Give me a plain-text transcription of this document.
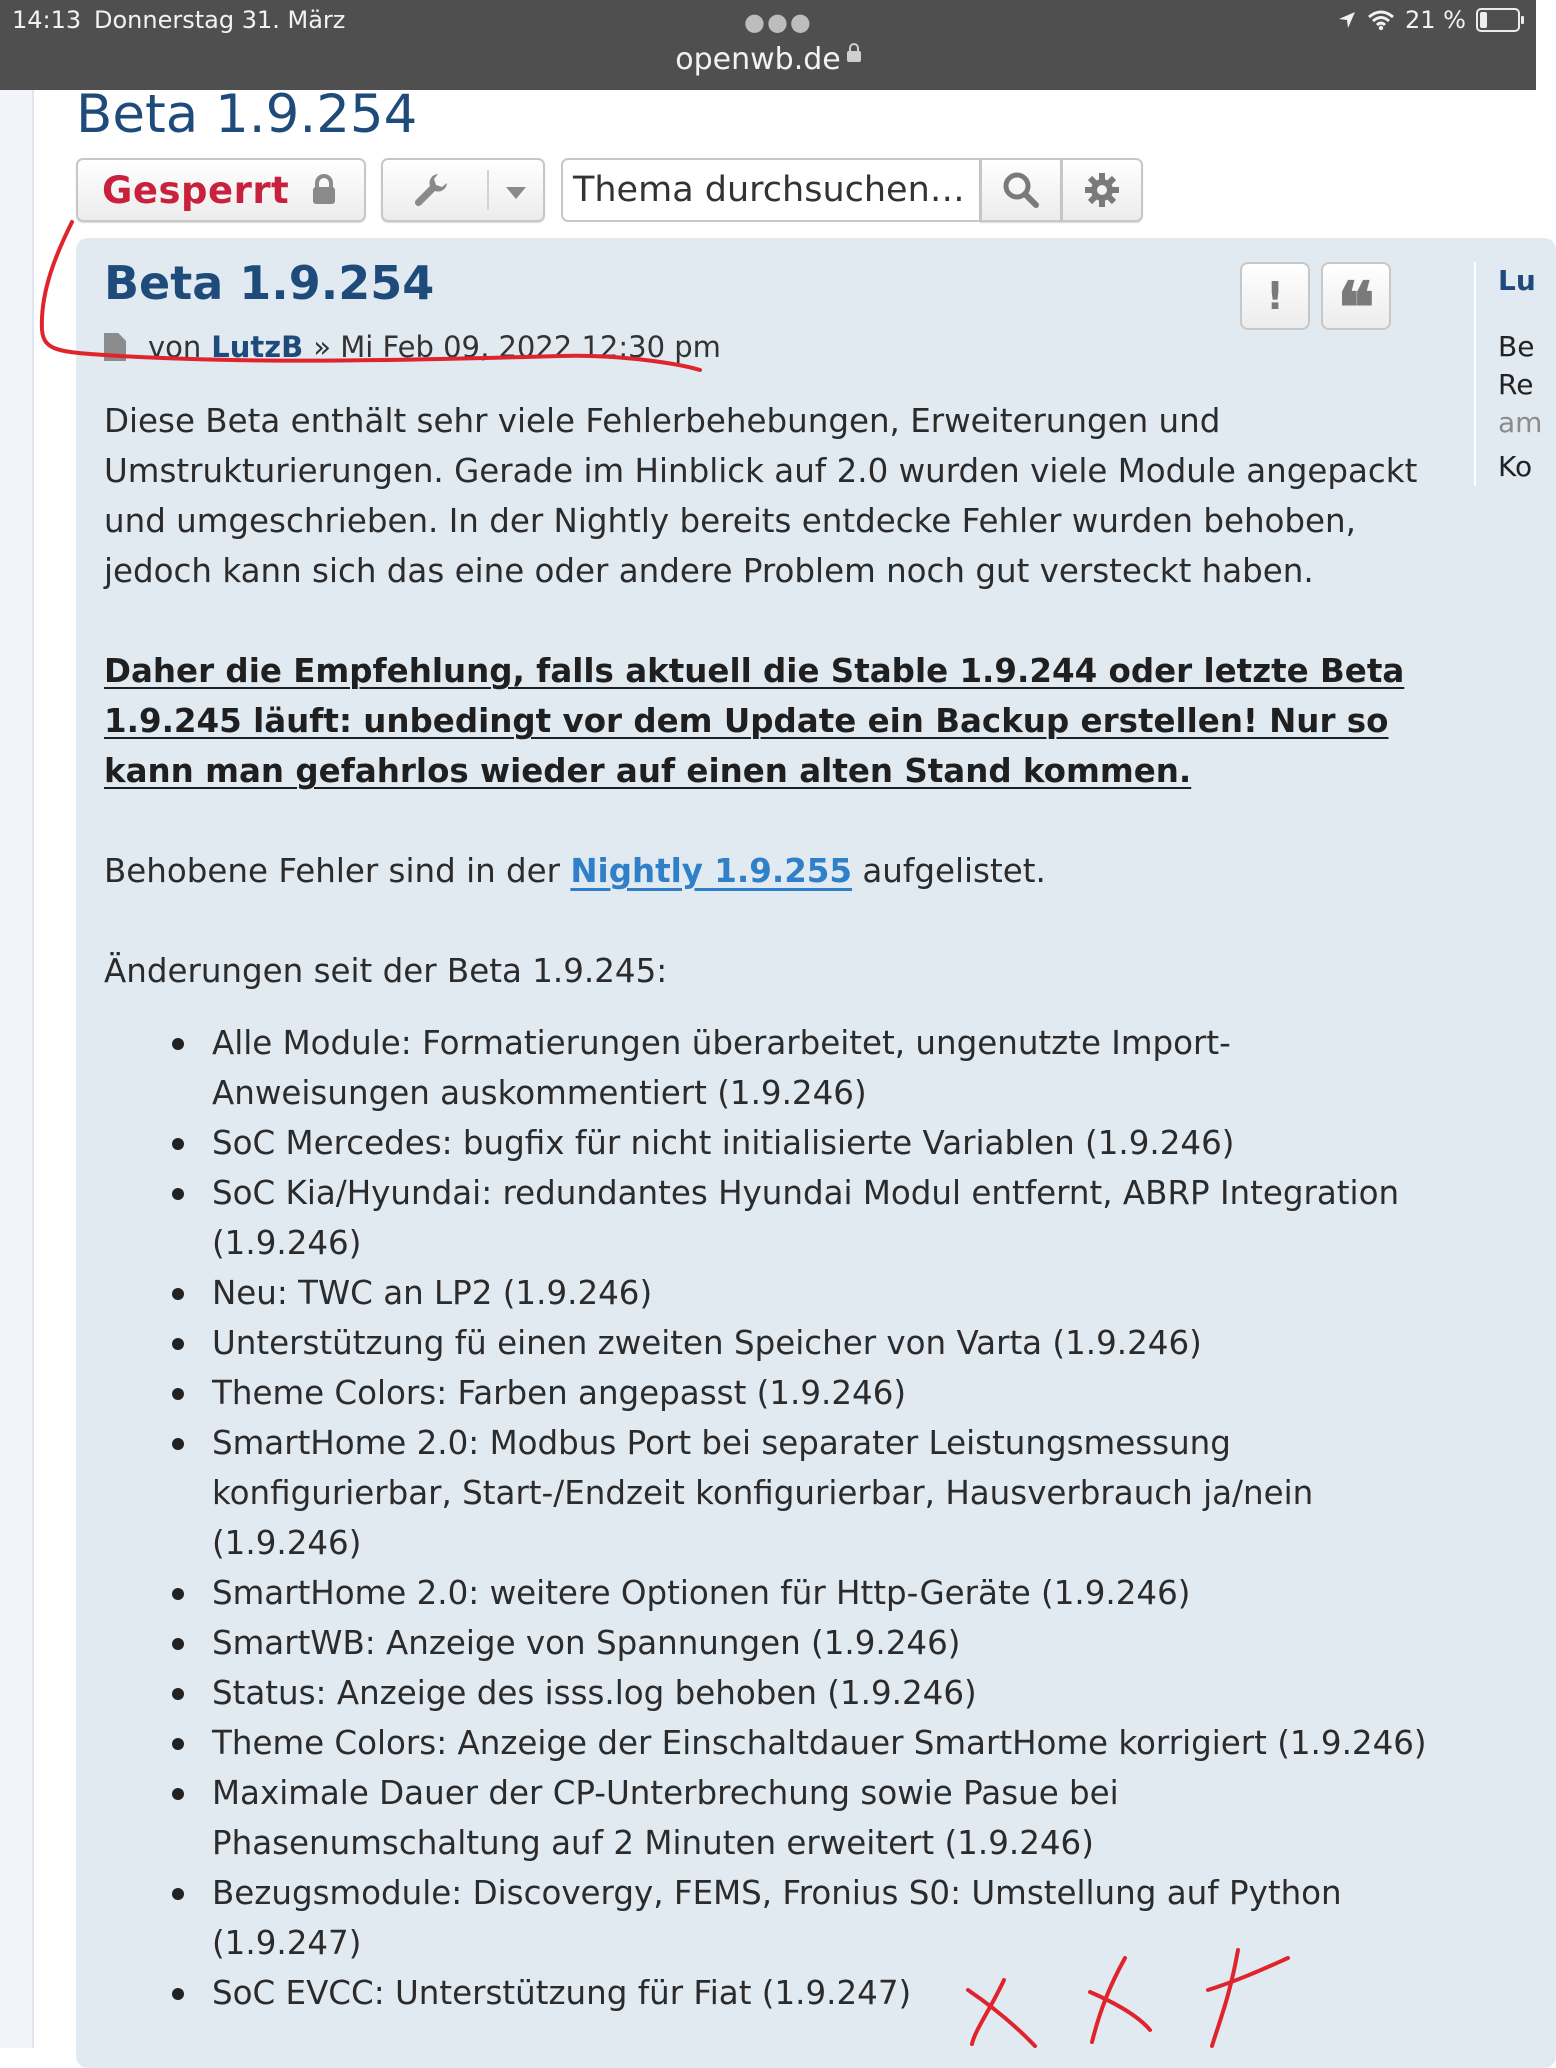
14:13 Donnerstag 31. März	●●●	21 %
openwb.de
Beta 1.9.254
Gesperrt	Thema durchsuchen…
Beta 1.9.254
von LutzB » Mi Feb 09, 2022 12:30 pm
! ❝

Diese Beta enthält sehr viele Fehlerbehebungen, Erweiterungen und Umstrukturierungen. Gerade im Hinblick auf 2.0 wurden viele Module angepackt und umgeschrieben. In der Nightly bereits entdecke Fehler wurden behoben, jedoch kann sich das eine oder andere Problem noch gut versteckt haben.

Daher die Empfehlung, falls aktuell die Stable 1.9.244 oder letzte Beta 1.9.245 läuft: unbedingt vor dem Update ein Backup erstellen! Nur so kann man gefahrlos wieder auf einen alten Stand kommen.

Behobene Fehler sind in der Nightly 1.9.255 aufgelistet.

Änderungen seit der Beta 1.9.245:

Alle Module: Formatierungen überarbeitet, ungenutzte Import-Anweisungen auskommentiert (1.9.246)
SoC Mercedes: bugfix für nicht initialisierte Variablen (1.9.246)
SoC Kia/Hyundai: redundantes Hyundai Modul entfernt, ABRP Integration (1.9.246)
Neu: TWC an LP2 (1.9.246)
Unterstützung fü einen zweiten Speicher von Varta (1.9.246)
Theme Colors: Farben angepasst (1.9.246)
SmartHome 2.0: Modbus Port bei separater Leistungsmessung konfigurierbar, Start-/Endzeit konfigurierbar, Hausverbrauch ja/nein (1.9.246)
SmartHome 2.0: weitere Optionen für Http-Geräte (1.9.246)
SmartWB: Anzeige von Spannungen (1.9.246)
Status: Anzeige des isss.log behoben (1.9.246)
Theme Colors: Anzeige der Einschaltdauer SmartHome korrigiert (1.9.246)
Maximale Dauer der CP-Unterbrechung sowie Pasue bei Phasenumschaltung auf 2 Minuten erweitert (1.9.246)
Bezugsmodule: Discovergy, FEMS, Fronius S0: Umstellung auf Python (1.9.247)
SoC EVCC: Unterstützung für Fiat (1.9.247)
Lu
Be
Re
am
Ko
